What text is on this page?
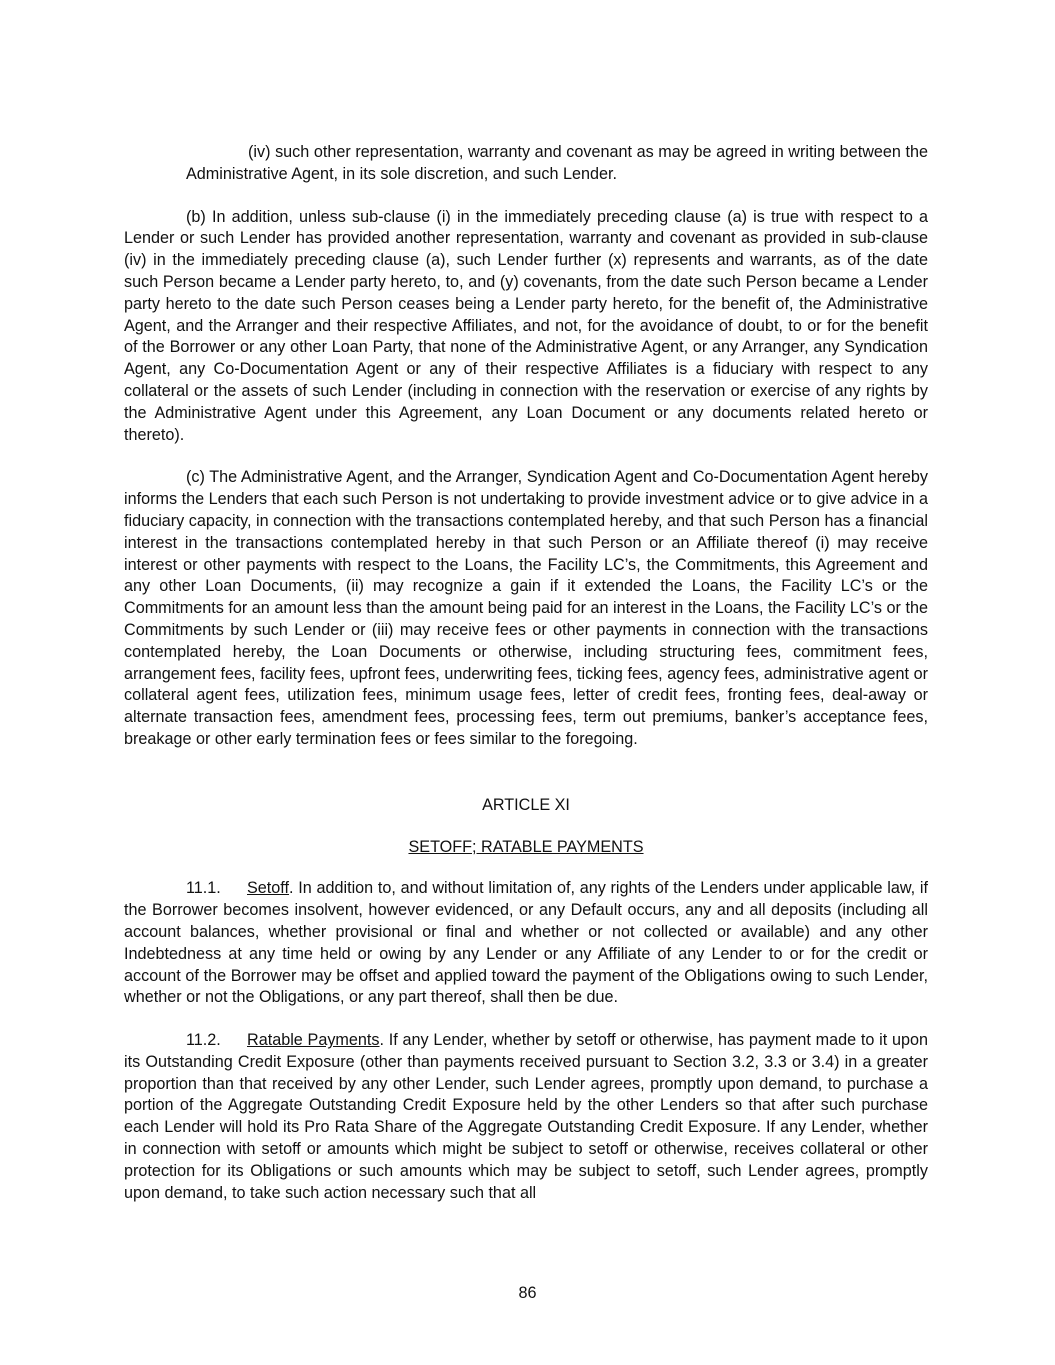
(iv) such other representation, warranty and covenant as may be agreed in writing between the Administrative Agent, in its sole discretion, and such Lender.

(b) In addition, unless sub-clause (i) in the immediately preceding clause (a) is true with respect to a Lender or such Lender has provided another representation, warranty and covenant as provided in sub-clause (iv) in the immediately preceding clause (a), such Lender further (x) represents and warrants, as of the date such Person became a Lender party hereto, to, and (y) covenants, from the date such Person became a Lender party hereto to the date such Person ceases being a Lender party hereto, for the benefit of, the Administrative Agent, and the Arranger and their respective Affiliates, and not, for the avoidance of doubt, to or for the benefit of the Borrower or any other Loan Party, that none of the Administrative Agent, or any Arranger, any Syndication Agent, any Co-Documentation Agent or any of their respective Affiliates is a fiduciary with respect to any collateral or the assets of such Lender (including in connection with the reservation or exercise of any rights by the Administrative Agent under this Agreement, any Loan Document or any documents related hereto or thereto).

(c) The Administrative Agent, and the Arranger, Syndication Agent and Co-Documentation Agent hereby informs the Lenders that each such Person is not undertaking to provide investment advice or to give advice in a fiduciary capacity, in connection with the transactions contemplated hereby, and that such Person has a financial interest in the transactions contemplated hereby in that such Person or an Affiliate thereof (i) may receive interest or other payments with respect to the Loans, the Facility LC’s, the Commitments, this Agreement and any other Loan Documents, (ii) may recognize a gain if it extended the Loans, the Facility LC’s or the Commitments for an amount less than the amount being paid for an interest in the Loans, the Facility LC’s or the Commitments by such Lender or (iii) may receive fees or other payments in connection with the transactions contemplated hereby, the Loan Documents or otherwise, including structuring fees, commitment fees, arrangement fees, facility fees, upfront fees, underwriting fees, ticking fees, agency fees, administrative agent or collateral agent fees, utilization fees, minimum usage fees, letter of credit fees, fronting fees, deal-away or alternate transaction fees, amendment fees, processing fees, term out premiums, banker’s acceptance fees, breakage or other early termination fees or fees similar to the foregoing.

ARTICLE XI

SETOFF; RATABLE PAYMENTS

11.1. Setoff. In addition to, and without limitation of, any rights of the Lenders under applicable law, if the Borrower becomes insolvent, however evidenced, or any Default occurs, any and all deposits (including all account balances, whether provisional or final and whether or not collected or available) and any other Indebtedness at any time held or owing by any Lender or any Affiliate of any Lender to or for the credit or account of the Borrower may be offset and applied toward the payment of the Obligations owing to such Lender, whether or not the Obligations, or any part thereof, shall then be due.

11.2. Ratable Payments. If any Lender, whether by setoff or otherwise, has payment made to it upon its Outstanding Credit Exposure (other than payments received pursuant to Section 3.2, 3.3 or 3.4) in a greater proportion than that received by any other Lender, such Lender agrees, promptly upon demand, to purchase a portion of the Aggregate Outstanding Credit Exposure held by the other Lenders so that after such purchase each Lender will hold its Pro Rata Share of the Aggregate Outstanding Credit Exposure. If any Lender, whether in connection with setoff or amounts which might be subject to setoff or otherwise, receives collateral or other protection for its Obligations or such amounts which may be subject to setoff, such Lender agrees, promptly upon demand, to take such action necessary such that all

86
